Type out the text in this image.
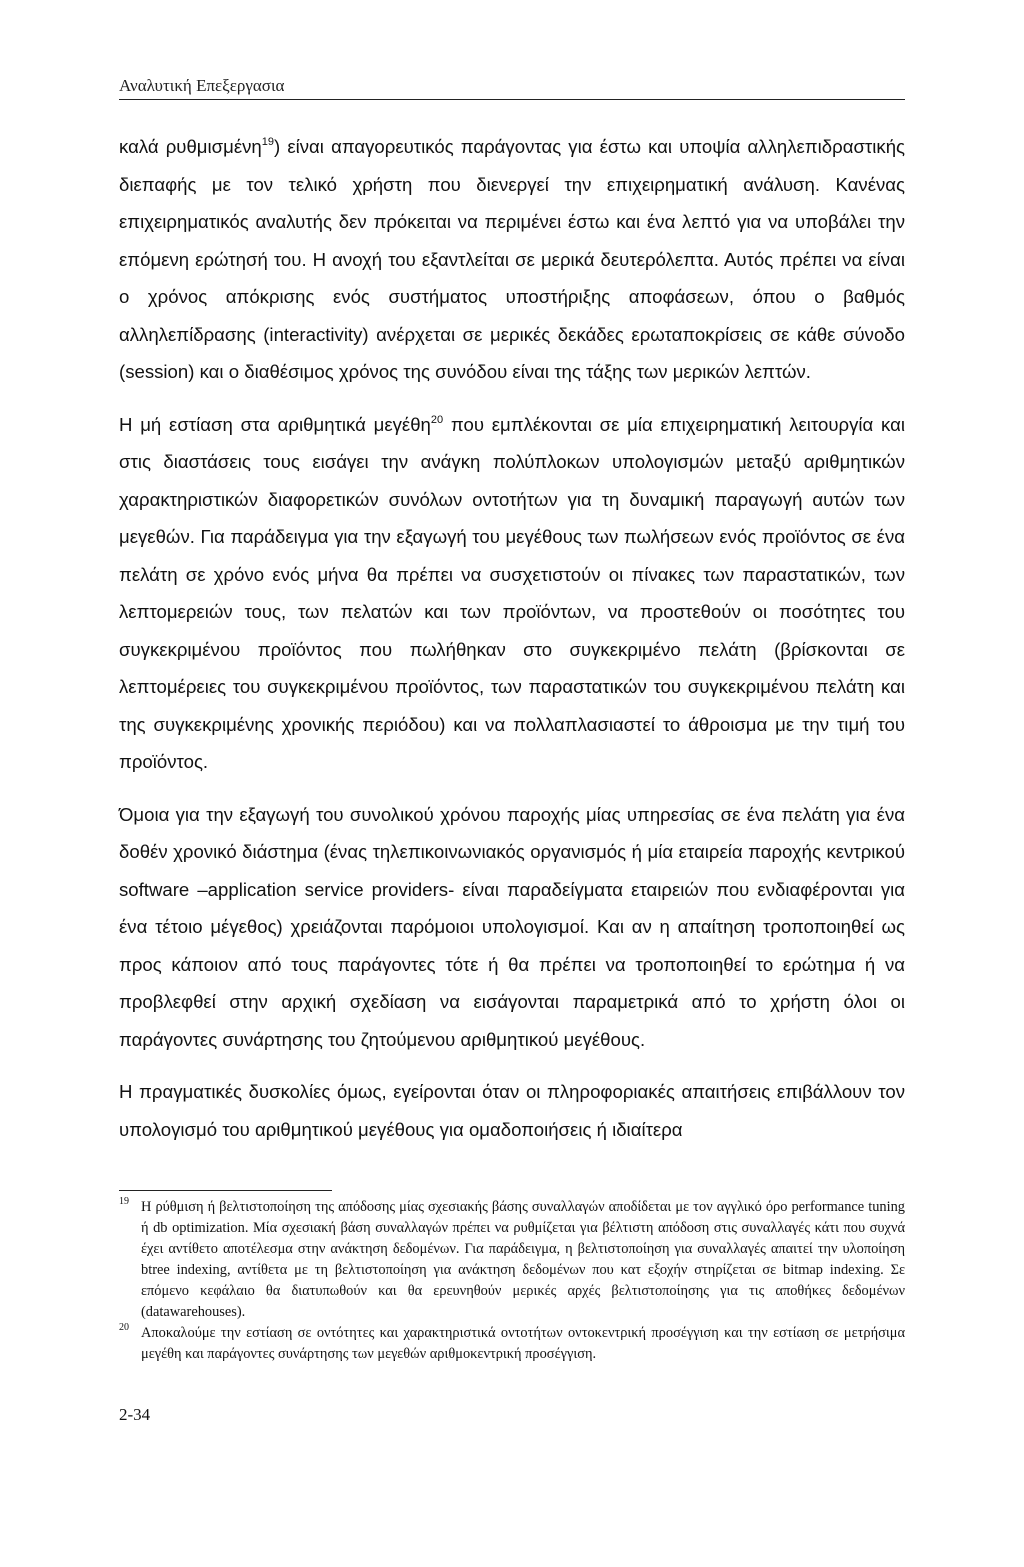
Αναλυτική Επεξεργασια

καλά ρυθμισμένη$^{19}$) είναι απαγορευτικός παράγοντας για έστω και υποψία αλληλεπιδραστικής διεπαφής με τον τελικό χρήστη που διενεργεί την επιχειρηματική ανάλυση. Κανένας επιχειρηματικός αναλυτής δεν πρόκειται να περιμένει έστω και ένα λεπτό για να υποβάλει την επόμενη ερώτησή του. Η ανοχή του εξαντλείται σε μερικά δευτερόλεπτα. Αυτός πρέπει να είναι ο χρόνος απόκρισης ενός συστήματος υποστήριξης αποφάσεων, όπου ο βαθμός αλληλεπίδρασης (interactivity) ανέρχεται σε μερικές δεκάδες ερωταποκρίσεις σε κάθε σύνοδο (session) και ο διαθέσιμος χρόνος της συνόδου είναι της τάξης των μερικών λεπτών.

Η μή εστίαση στα αριθμητικά μεγέθη$^{20}$ που εμπλέκονται σε μία επιχειρηματική λειτουργία και στις διαστάσεις τους εισάγει την ανάγκη πολύπλοκων υπολογισμών μεταξύ αριθμητικών χαρακτηριστικών διαφορετικών συνόλων οντοτήτων για τη δυναμική παραγωγή αυτών των μεγεθών. Για παράδειγμα για την εξαγωγή του μεγέθους των πωλήσεων ενός προϊόντος σε ένα πελάτη σε χρόνο ενός μήνα θα πρέπει να συσχετιστούν οι πίνακες των παραστατικών, των λεπτομερειών τους, των πελατών και των προϊόντων, να προστεθούν οι ποσότητες του συγκεκριμένου προϊόντος που πωλήθηκαν στο συγκεκριμένο πελάτη (βρίσκονται σε λεπτομέρειες του συγκεκριμένου προϊόντος, των παραστατικών του συγκεκριμένου πελάτη και της συγκεκριμένης χρονικής περιόδου) και να πολλαπλασιαστεί το άθροισμα με την τιμή του προϊόντος.

Όμοια για την εξαγωγή του συνολικού χρόνου παροχής μίας υπηρεσίας σε ένα πελάτη για ένα δοθέν χρονικό διάστημα (ένας τηλεπικοινωνιακός οργανισμός ή μία εταιρεία παροχής κεντρικού software –application service providers- είναι παραδείγματα εταιρειών που ενδιαφέρονται για ένα τέτοιο μέγεθος) χρειάζονται παρόμοιοι υπολογισμοί. Και αν η απαίτηση τροποποιηθεί ως προς κάποιον από τους παράγοντες τότε ή θα πρέπει να τροποποιηθεί το ερώτημα ή να προβλεφθεί στην αρχική σχεδίαση να εισάγονται παραμετρικά από το χρήστη όλοι οι παράγοντες συνάρτησης του ζητούμενου αριθμητικού μεγέθους.

Η πραγματικές δυσκολίες όμως, εγείρονται όταν οι πληροφοριακές απαιτήσεις επιβάλλουν τον υπολογισμό του αριθμητικού μεγέθους για ομαδοποιήσεις ή ιδιαίτερα

2-34

19 Η ρύθμιση ή βελτιστοποίηση της απόδοσης μίας σχεσιακής βάσης συναλλαγών αποδίδεται με τον αγγλικό όρο performance tuning ή db optimization. Μία σχεσιακή βάση συναλλαγών πρέπει να ρυθμίζεται για βέλτιστη απόδοση στις συναλλαγές κάτι που συχνά έχει αντίθετο αποτέλεσμα στην ανάκτηση δεδομένων. Για παράδειγμα, η βελτιστοποίηση για συναλλαγές απαιτεί την υλοποίηση btree indexing, αντίθετα με τη βελτιστοποίηση για ανάκτηση δεδομένων που κατ εξοχήν στηρίζεται σε bitmap indexing. Σε επόμενο κεφάλαιο θα διατυπωθούν και θα ερευνηθούν μερικές αρχές βελτιστοποίησης για τις αποθήκες δεδομένων (datawarehouses).

20 Αποκαλούμε την εστίαση σε οντότητες και χαρακτηριστικά οντοτήτων οντοκεντρική προσέγγιση και την εστίαση σε μετρήσιμα μεγέθη και παράγοντες συνάρτησης των μεγεθών αριθμοκεντρική προσέγγιση.
